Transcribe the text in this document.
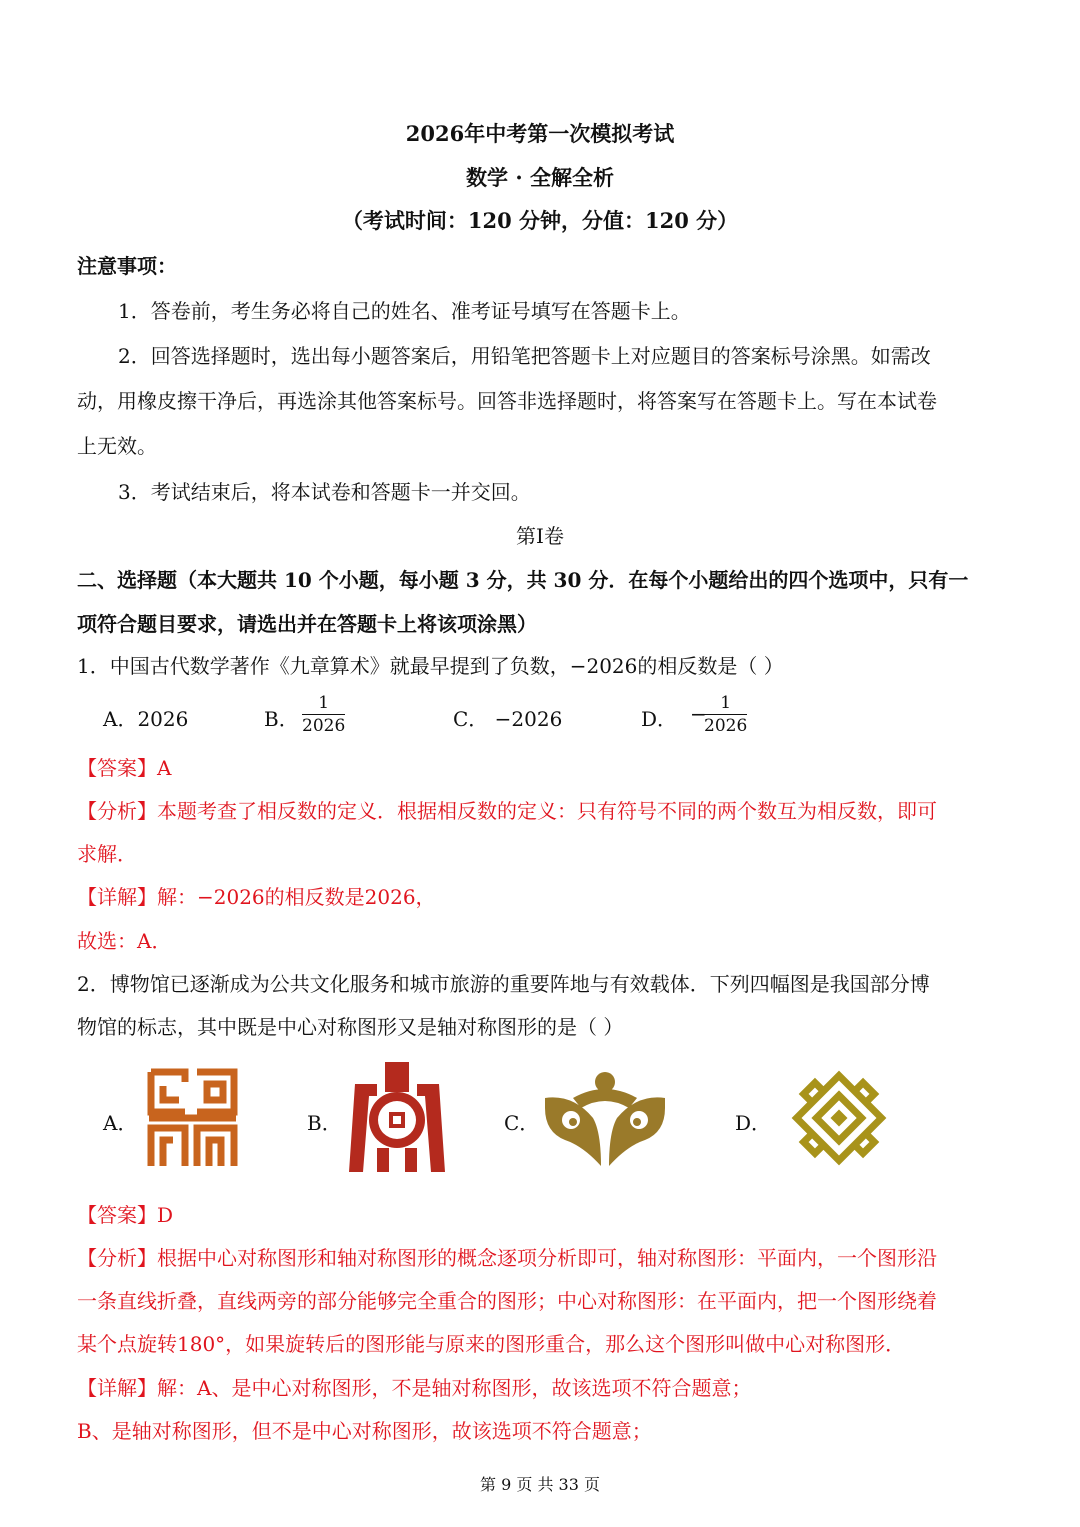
2026年中考第一次模拟考试
数学 · 全解全析
（考试时间：120 分钟，分值：120 分）
注意事项：
1．答卷前，考生务必将自己的姓名、准考证号填写在答题卡上。
2．回答选择题时，选出每小题答案后，用铅笔把答题卡上对应题目的答案标号涂黑。如需改
动，用橡皮擦干净后，再选涂其他答案标号。回答非选择题时，将答案写在答题卡上。写在本试卷
上无效。
3．考试结束后，将本试卷和答题卡一并交回。
第Ⅰ卷
二、选择题（本大题共 10 个小题，每小题 3 分，共 30 分．在每个小题给出的四个选项中，只有一
项符合题目要求，请选出并在答题卡上将该项涂黑）
1．中国古代数学著作《九章算术》就最早提到了负数，−2026的相反数是（ ）
A．2026	B． $\frac{1}{2026}$	C． −2026	D． −
$\frac{1}{2026}$
【答案】A
【分析】本题考查了相反数的定义．根据相反数的定义：只有符号不同的两个数互为相反数，即可
求解．
【详解】解：−2026的相反数是2026，
故选：A．
2．博物馆已逐渐成为公共文化服务和城市旅游的重要阵地与有效载体．下列四幅图是我国部分博
物馆的标志，其中既是中心对称图形又是轴对称图形的是（ ）
A．	B．	C．	D．
【答案】D
【分析】根据中心对称图形和轴对称图形的概念逐项分析即可，轴对称图形：平面内，一个图形沿
一条直线折叠，直线两旁的部分能够完全重合的图形；中心对称图形：在平面内，把一个图形绕着
某个点旋转180°，如果旋转后的图形能与原来的图形重合，那么这个图形叫做中心对称图形．
【详解】解：A、是中心对称图形，不是轴对称图形，故该选项不符合题意；
B、是轴对称图形，但不是中心对称图形，故该选项不符合题意；
第 9 页 共 33 页
